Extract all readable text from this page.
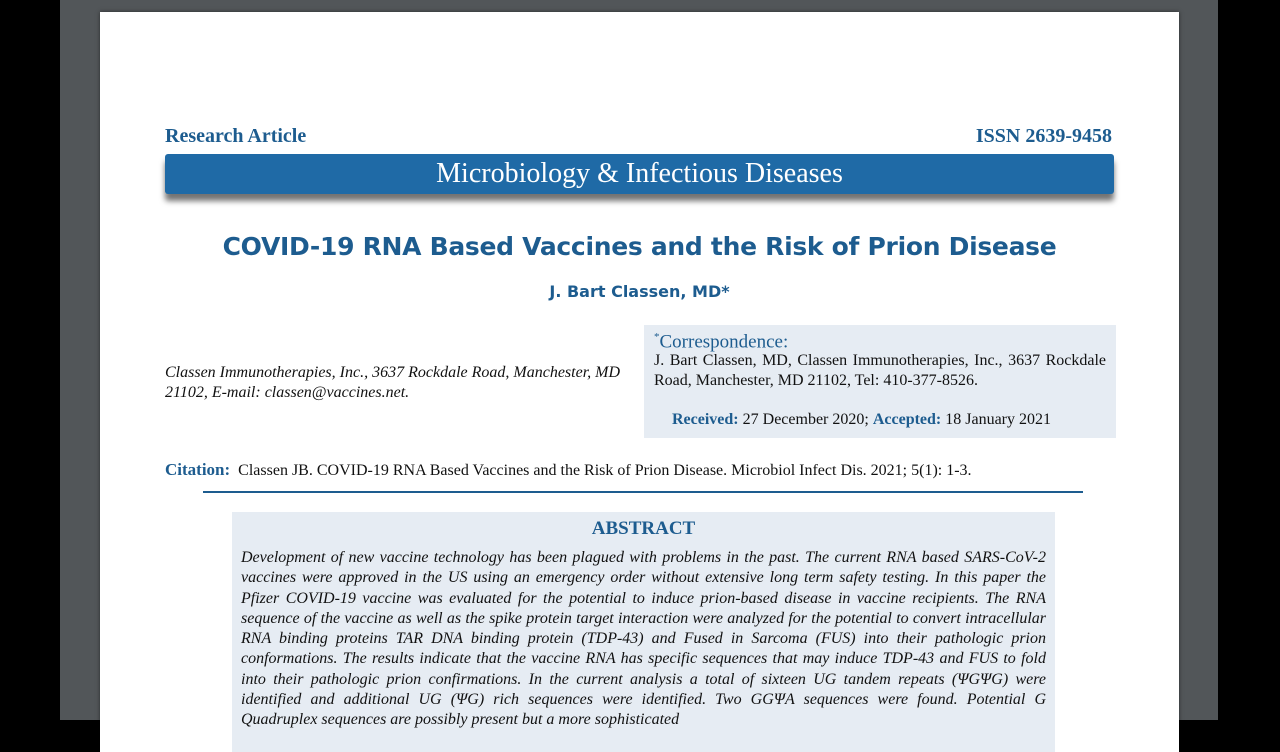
Research Article	ISSN 2639-9458
Microbiology & Infectious Diseases
COVID-19 RNA Based Vaccines and the Risk of Prion Disease
J. Bart Classen, MD*
Classen Immunotherapies, Inc., 3637 Rockdale Road, Manchester, MD 21102, E-mail: classen@vaccines.net.
*Correspondence:
J. Bart Classen, MD, Classen Immunotherapies, Inc., 3637 Rockdale Road, Manchester, MD 21102, Tel: 410-377-8526.
Received: 27 December 2020; Accepted: 18 January 2021
Citation: Classen JB. COVID-19 RNA Based Vaccines and the Risk of Prion Disease. Microbiol Infect Dis. 2021; 5(1): 1-3.
ABSTRACT
Development of new vaccine technology has been plagued with problems in the past. The current RNA based SARS-CoV-2 vaccines were approved in the US using an emergency order without extensive long term safety testing. In this paper the Pfizer COVID-19 vaccine was evaluated for the potential to induce prion-based disease in vaccine recipients. The RNA sequence of the vaccine as well as the spike protein target interaction were analyzed for the potential to convert intracellular RNA binding proteins TAR DNA binding protein (TDP-43) and Fused in Sarcoma (FUS) into their pathologic prion conformations. The results indicate that the vaccine RNA has specific sequences that may induce TDP-43 and FUS to fold into their pathologic prion confirmations. In the current analysis a total of sixteen UG tandem repeats (ΨGΨG) were identified and additional UG (ΨG) rich sequences were identified. Two GGΨA sequences were found. Potential G Quadruplex sequences are possibly present but a more sophisticated
